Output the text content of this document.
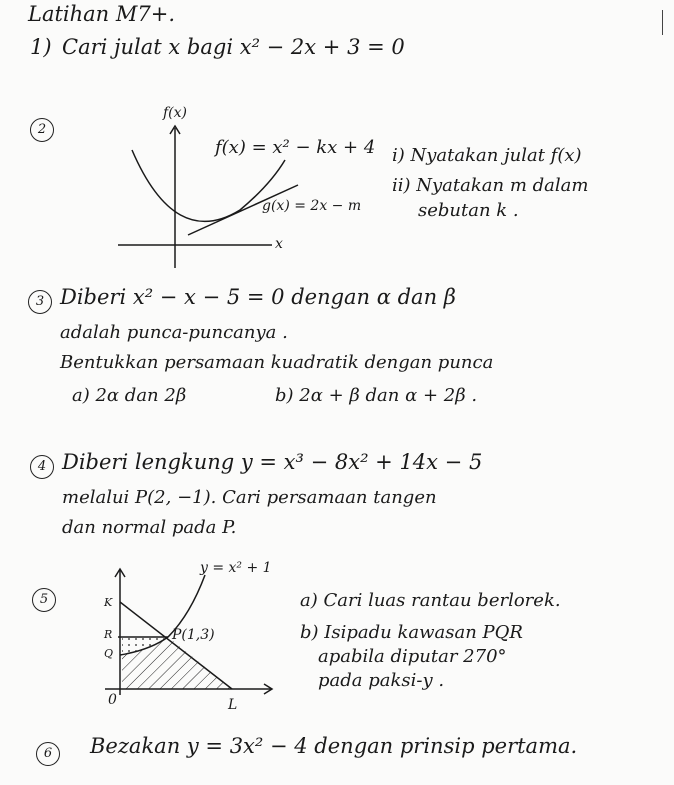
Latihan M7+.
1) Cari julat x bagi x² − 2x + 3 = 0
2
f(x)
x
f(x) = x² − kx + 4
g(x) = 2x − m
i) Nyatakan julat f(x)
ii) Nyatakan m dalam
sebutan k .
3 Diberi x² − x − 5 = 0 dengan α dan β
adalah punca-puncanya .
Bentukkan persamaan kuadratik dengan punca
a) 2α dan 2β	b) 2α + β dan α + 2β .
4 Diberi lengkung y = x³ − 8x² + 14x − 5
melalui P(2, −1). Cari persamaan tangen
dan normal pada P.
5
y = x² + 1
K
R
Q
P(1,3)
0	L
a) Cari luas rantau berlorek.
b) Isipadu kawasan PQR
apabila diputar 270°
pada paksi-y .
6	Bezakan y = 3x² − 4 dengan prinsip pertama.
